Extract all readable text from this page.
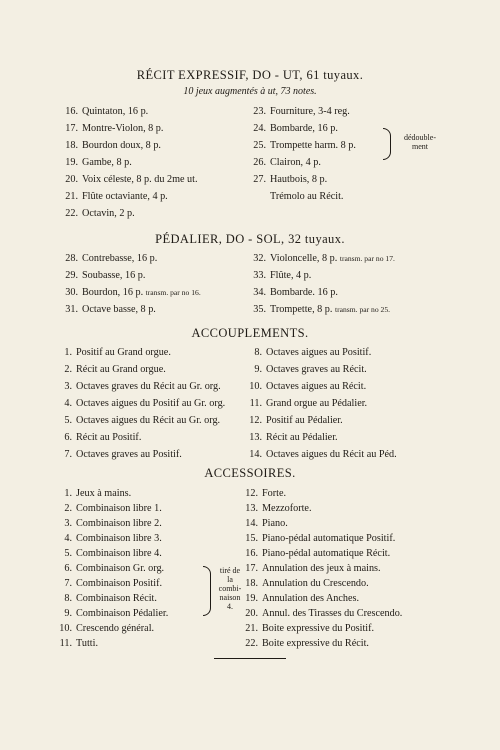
RÉCIT EXPRESSIF, DO - UT, 61 tuyaux.
10 jeux augmentés à ut, 73 notes.
16. Quintaton, 16 p.
17. Montre-Violon, 8 p.
18. Bourdon doux, 8 p.
19. Gambe, 8 p.
20. Voix céleste, 8 p. du 2me ut.
21. Flûte octaviante, 4 p.
22. Octavin, 2 p.
23. Fourniture, 3-4 reg.
24. Bombarde, 16 p.
25. Trompette harm. 8 p.
26. Clairon, 4 p.
27. Hautbois, 8 p.
Trémolo au Récit.
dédouble-
ment
PÉDALIER, DO - SOL, 32 tuyaux.
28. Contrebasse, 16 p.
29. Soubasse, 16 p.
30. Bourdon, 16 p. transm. par no 16.
31. Octave basse, 8 p.
32. Violoncelle, 8 p. transm. par no 17.
33. Flûte, 4 p.
34. Bombarde. 16 p.
35. Trompette, 8 p. transm. par no 25.
ACCOUPLEMENTS.
1. Positif au Grand orgue.
2. Récit au Grand orgue.
3. Octaves graves du Récit au Gr. org.
4. Octaves aigues du Positif au Gr. org.
5. Octaves aigues du Récit au Gr. org.
6. Récit au Positif.
7. Octaves graves au Positif.
8. Octaves aigues au Positif.
9. Octaves graves au Récit.
10. Octaves aigues au Récit.
11. Grand orgue au Pédalier.
12. Positif au Pédalier.
13. Récit au Pédalier.
14. Octaves aigues du Récit au Péd.
ACCESSOIRES.
1. Jeux à mains.
2. Combinaison libre 1.
3. Combinaison libre 2.
4. Combinaison libre 3.
5. Combinaison libre 4.
6. Combinaison Gr. org.
7. Combinaison Positif.
8. Combinaison Récit.
9. Combinaison Pédalier.
10. Crescendo général.
11. Tutti.
tiré de
la
combi-
naison
4.
12. Forte.
13. Mezzoforte.
14. Piano.
15. Piano-pédal automatique Positif.
16. Piano-pédal automatique Récit.
17. Annulation des jeux à mains.
18. Annulation du Crescendo.
19. Annulation des Anches.
20. Annul. des Tirasses du Crescendo.
21. Boite expressive du Positif.
22. Boite expressive du Récit.
